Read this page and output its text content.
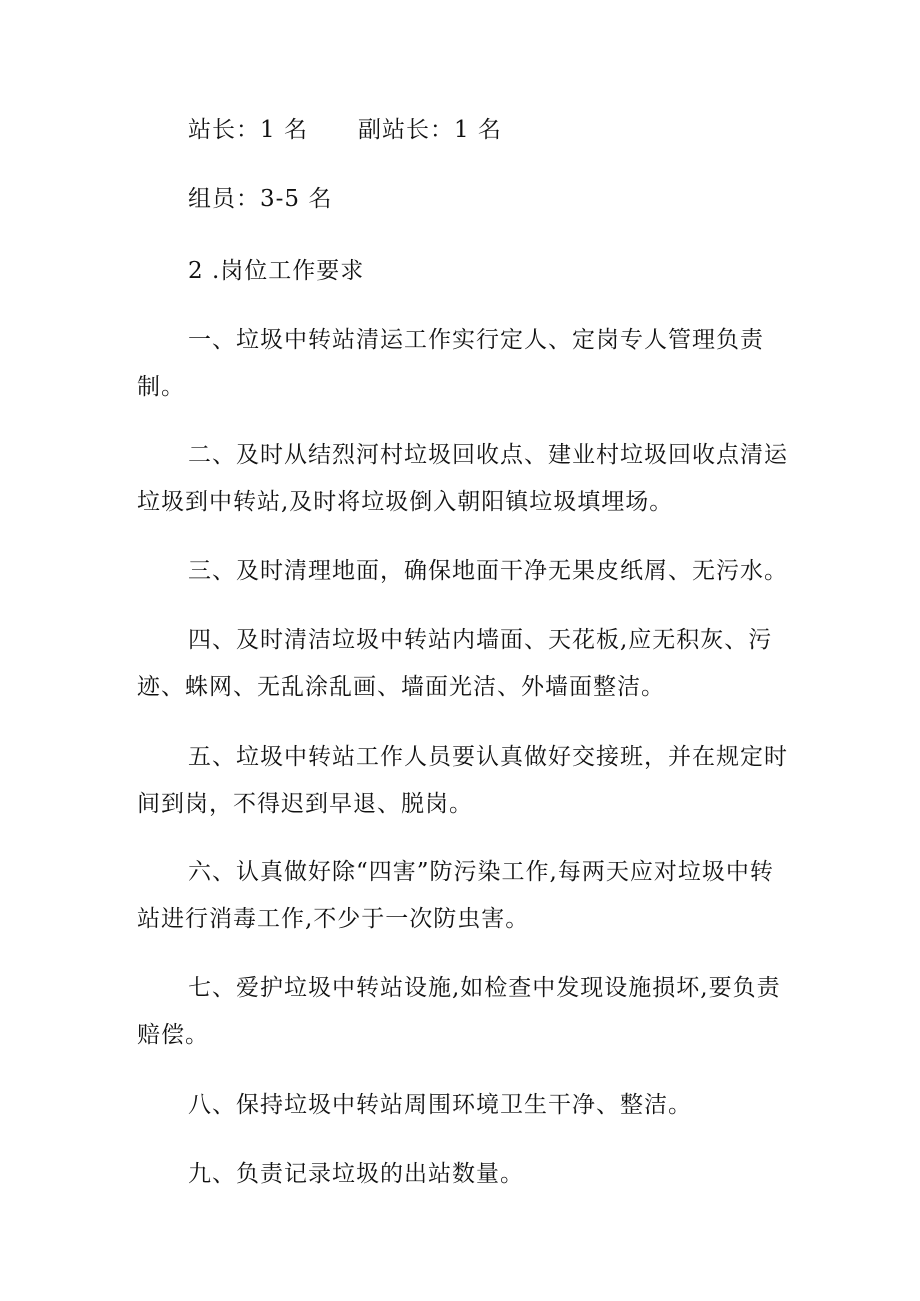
站长：1 名 副站长：1 名
组员：3-5 名
2 .岗位工作要求
一、垃圾中转站清运工作实行定人、定岗专人管理负责
制。
二、及时从结烈河村垃圾回收点、建业村垃圾回收点清运
垃圾到中转站,及时将垃圾倒入朝阳镇垃圾填埋场。
三、及时清理地面，确保地面干净无果皮纸屑、无污水。
四、及时清洁垃圾中转站内墙面、天花板,应无积灰、污
迹、蛛网、无乱涂乱画、墙面光洁、外墙面整洁。
五、垃圾中转站工作人员要认真做好交接班，并在规定时
间到岗，不得迟到早退、脱岗。
六、认真做好除“四害”防污染工作,每两天应对垃圾中转
站进行消毒工作,不少于一次防虫害。
七、爱护垃圾中转站设施,如检查中发现设施损坏,要负责
赔偿。
八、保持垃圾中转站周围环境卫生干净、整洁。
九、负责记录垃圾的出站数量。
